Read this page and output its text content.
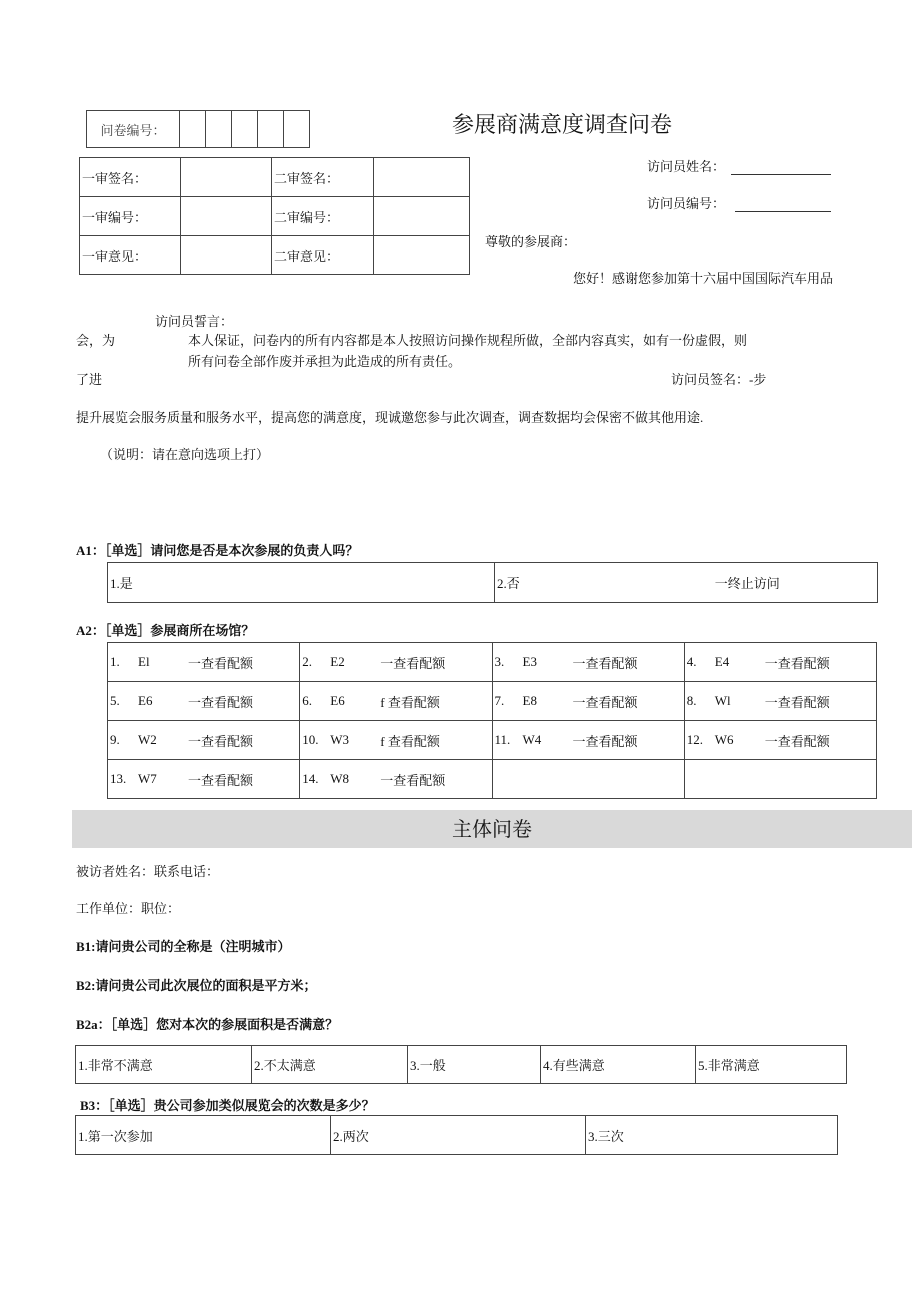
问卷编号：						参展商满意度调查问卷
一审签名：		二审签名：	
一审编号：		二审编号：	
一审意见：		二审意见：	
访问员姓名：
访问员编号：
尊敬的参展商：
您好！感谢您参加第十六届中国国际汽车用品
访问员誓言：
会，为	本人保证，问卷内的所有内容都是本人按照访问操作规程所做，全部内容真实，如有一份虚假，则
所有问卷全部作废并承担为此造成的所有责任。
了进	访问员签名：-步
提升展览会服务质量和服务水平，提高您的满意度，现诚邀您参与此次调查，调查数据均会保密不做其他用途.
（说明：请在意向选项上打）
A1：［单选］请问您是否是本次参展的负责人吗？
1.是	2.否	一终止访问
A2：［单选］参展商所在场馆？
1. El 一查看配额	2. E2 一查看配额	3. E3 一查看配额	4. E4 一查看配额

5. E6 一查看配额	6. E6 f 查看配额	7. E8 一查看配额	8. Wl 一查看配额

9. W2 一查看配额	10. W3 f 查看配额	11. W4 一查看配额	12. W6 一查看配额

13. W7 一查看配额	14. W8 一查看配额		

主体问卷
被访者姓名：联系电话：
工作单位：职位：
B1:请问贵公司的全称是（注明城市）
B2:请问贵公司此次展位的面积是平方米；
B2a：［单选］您对本次的参展面积是否满意？
1.非常不满意	2.不太满意	3.一般	4.有些满意	5.非常满意
B3：［单选］贵公司参加类似展览会的次数是多少？
1.第一次参加	2.两次	3.三次
